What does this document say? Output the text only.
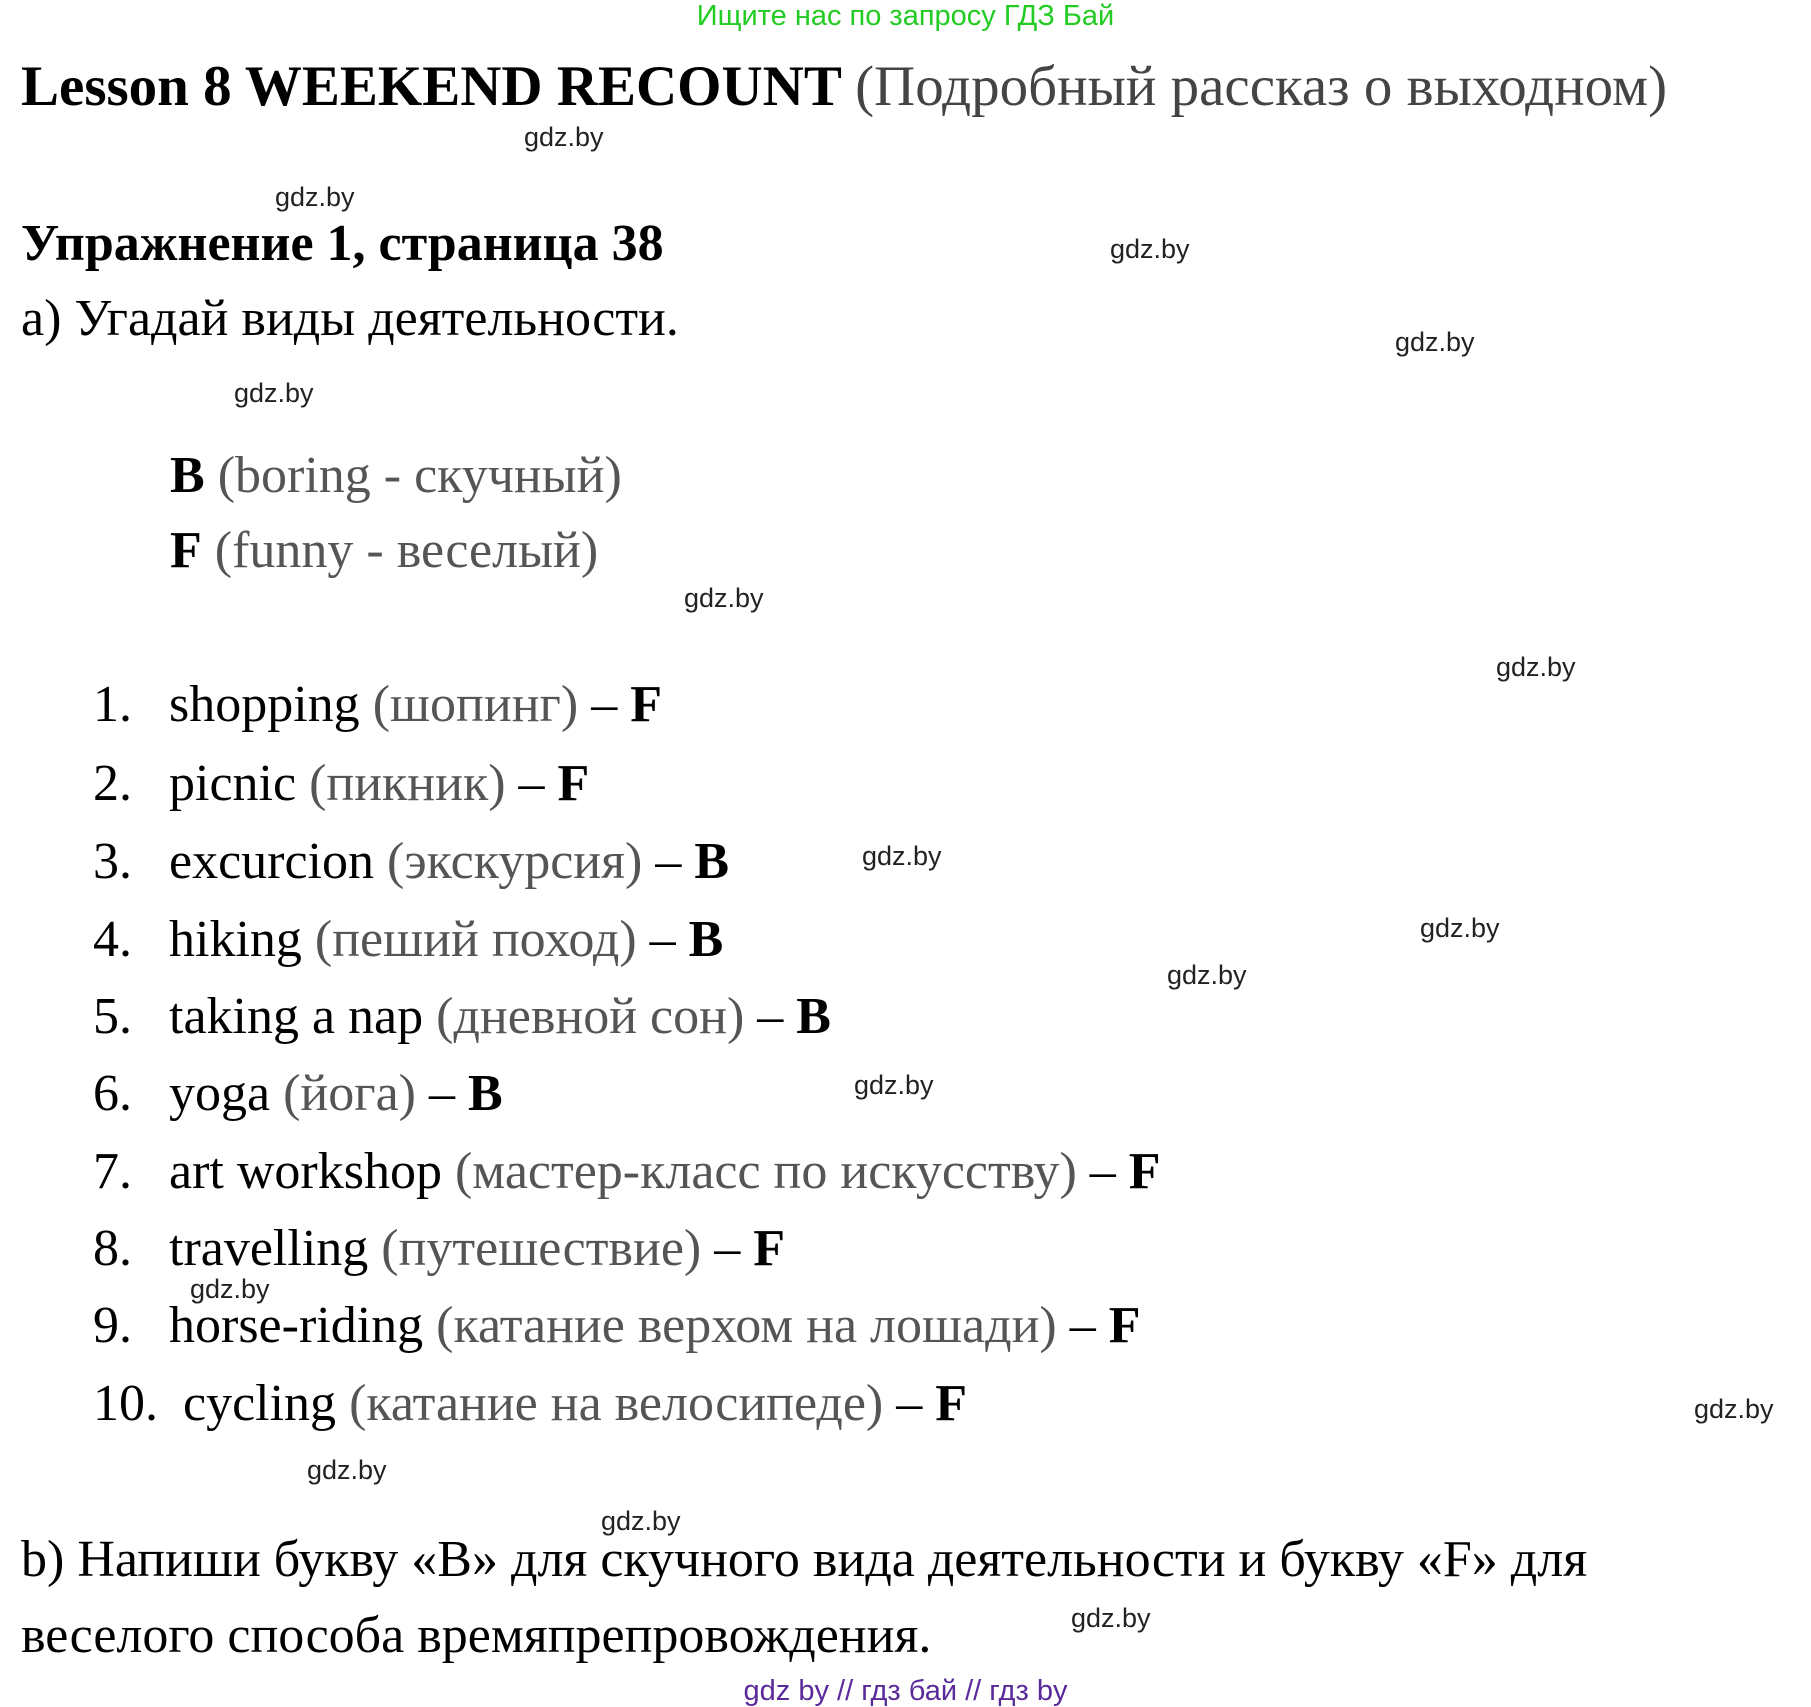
Ищите нас по запросу ГДЗ Бай
Lesson 8 WEEKEND RECOUNT (Подробный рассказ о выходном)
Упражнение 1, страница 38
a) Угадай виды деятельности.
B (boring - скучный)
F (funny - веселый)
1. shopping (шопинг) – F
2. picnic (пикник) – F
3. excurcion (экскурсия) – B
4. hiking (пеший поход) – B
5. taking a nap (дневной сон) – B
6. yoga (йога) – B
7. art workshop (мастер-класс по искусству) – F
8. travelling (путешествие) – F
9. horse-riding (катание верхом на лошади) – F
10. cycling (катание на велосипеде) – F
b) Напиши букву «B» для скучного вида деятельности и букву «F» для
веселого способа времяпрепровождения.
gdz.by
gdz.by
gdz.by
gdz.by
gdz.by
gdz.by
gdz.by
gdz.by
gdz.by
gdz.by
gdz.by
gdz.by
gdz.by
gdz.by
gdz.by
gdz.by
gdz by // гдз бай // гдз by
